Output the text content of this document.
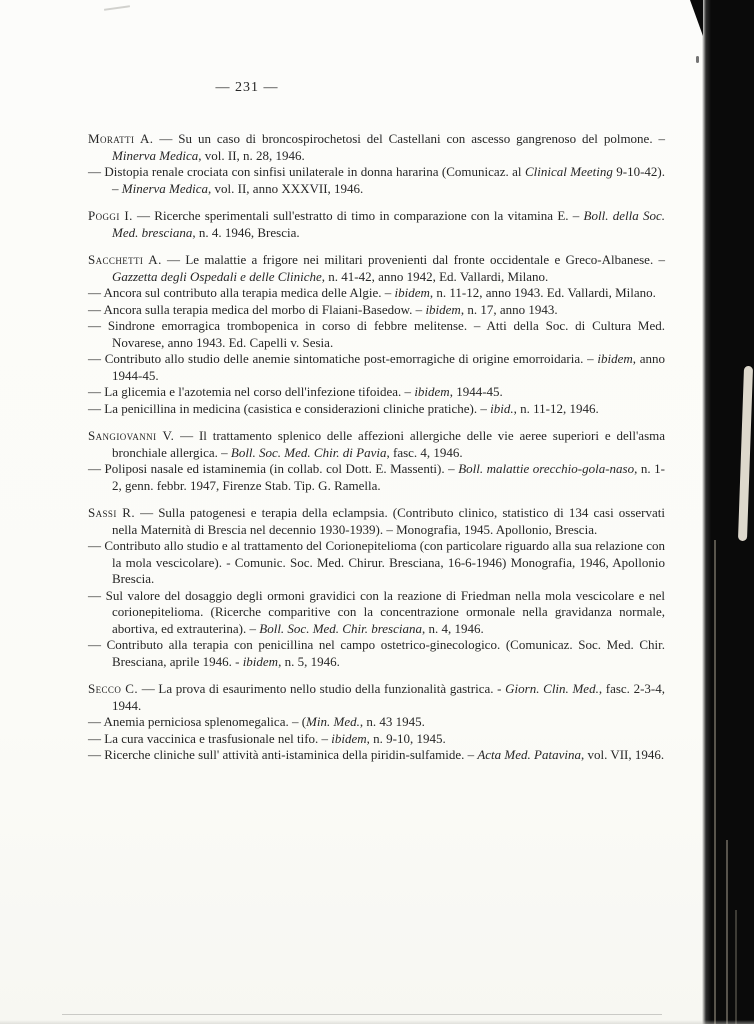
— 231 —

Moratti A. — Su un caso di broncospirochetosi del Castellani con ascesso gangrenoso del polmone. – Minerva Medica, vol. II, n. 28, 1946.

— Distopia renale crociata con sinfisi unilaterale in donna hararina (Comunicaz. al Clinical Meeting 9-10-42). – Minerva Medica, vol. II, anno XXXVII, 1946.

Poggi I. — Ricerche sperimentali sull'estratto di timo in comparazione con la vitamina E. – Boll. della Soc. Med. bresciana, n. 4. 1946, Brescia.

Sacchetti A. — Le malattie a frigore nei militari provenienti dal fronte occidentale e Greco-Albanese. – Gazzetta degli Ospedali e delle Cliniche, n. 41-42, anno 1942, Ed. Vallardi, Milano.

— Ancora sul contributo alla terapia medica delle Algie. – ibidem, n. 11-12, anno 1943. Ed. Vallardi, Milano.

— Ancora sulla terapia medica del morbo di Flaiani-Basedow. – ibidem, n. 17, anno 1943.

— Sindrone emorragica trombopenica in corso di febbre melitense. – Atti della Soc. di Cultura Med. Novarese, anno 1943. Ed. Capelli v. Sesia.

— Contributo allo studio delle anemie sintomatiche post-emorragiche di origine emorroidaria. – ibidem, anno 1944-45.

— La glicemia e l'azotemia nel corso dell'infezione tifoidea. – ibidem, 1944-45.

— La penicillina in medicina (casistica e considerazioni cliniche pratiche). – ibid., n. 11-12, 1946.

Sangiovanni V. — Il trattamento splenico delle affezioni allergiche delle vie aeree superiori e dell'asma bronchiale allergica. – Boll. Soc. Med. Chir. di Pavia, fasc. 4, 1946.

— Poliposi nasale ed istaminemia (in collab. col Dott. E. Massenti). – Boll. malattie orecchio-gola-naso, n. 1-2, genn. febbr. 1947, Firenze Stab. Tip. G. Ramella.

Sassi R. — Sulla patogenesi e terapia della eclampsia. (Contributo clinico, statistico di 134 casi osservati nella Maternità di Brescia nel decennio 1930-1939). – Monografia, 1945. Apollonio, Brescia.

— Contributo allo studio e al trattamento del Corionepitelioma (con particolare riguardo alla sua relazione con la mola vescicolare). - Comunic. Soc. Med. Chirur. Bresciana, 16-6-1946) Monografia, 1946, Apollonio Brescia.

— Sul valore del dosaggio degli ormoni gravidici con la reazione di Friedman nella mola vescicolare e nel corionepitelioma. (Ricerche comparitive con la concentrazione ormonale nella gravidanza normale, abortiva, ed extrauterina). – Boll. Soc. Med. Chir. bresciana, n. 4, 1946.

— Contributo alla terapia con penicillina nel campo ostetrico-ginecologico. (Comunicaz. Soc. Med. Chir. Bresciana, aprile 1946. - ibidem, n. 5, 1946.

Secco C. — La prova di esaurimento nello studio della funzionalità gastrica. - Giorn. Clin. Med., fasc. 2-3-4, 1944.

— Anemia perniciosa splenomegalica. – (Min. Med., n. 43 1945.

— La cura vaccinica e trasfusionale nel tifo. – ibidem, n. 9-10, 1945.

— Ricerche cliniche sull' attività anti-istaminica della piridin-sulfamide. – Acta Med. Patavina, vol. VII, 1946.
